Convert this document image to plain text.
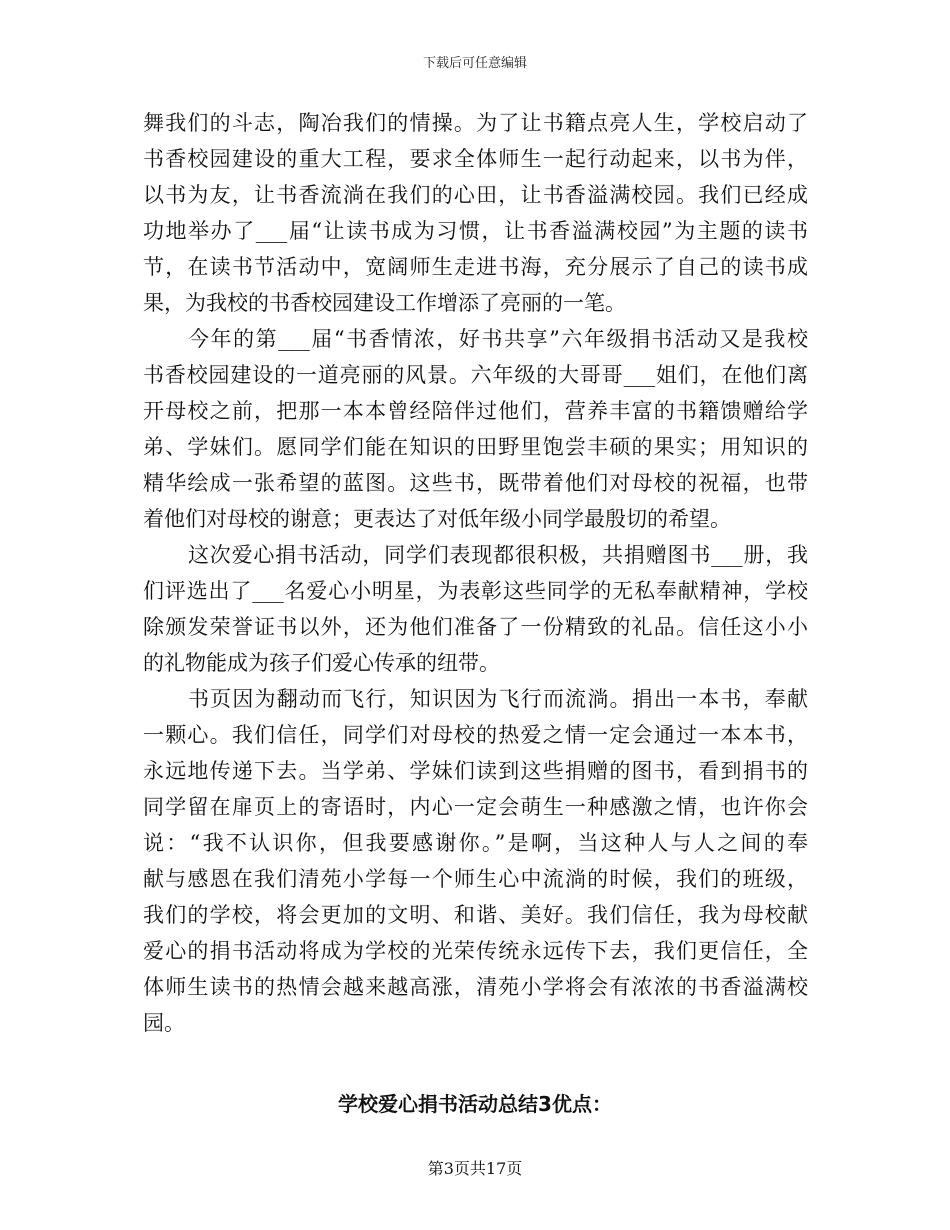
下载后可任意编辑
舞我们的斗志，陶冶我们的情操。为了让书籍点亮人生，学校启动了
书香校园建设的重大工程，要求全体师生一起行动起来，以书为伴，
以书为友，让书香流淌在我们的心田，让书香溢满校园。我们已经成
功地举办了___届“让读书成为习惯，让书香溢满校园”为主题的读书
节，在读书节活动中，宽阔师生走进书海，充分展示了自己的读书成
果，为我校的书香校园建设工作增添了亮丽的一笔。
今年的第___届“书香情浓，好书共享”六年级捐书活动又是我校
书香校园建设的一道亮丽的风景。六年级的大哥哥___姐们，在他们离
开母校之前，把那一本本曾经陪伴过他们，营养丰富的书籍馈赠给学
弟、学妹们。愿同学们能在知识的田野里饱尝丰硕的果实；用知识的
精华绘成一张希望的蓝图。这些书，既带着他们对母校的祝福，也带
着他们对母校的谢意；更表达了对低年级小同学最殷切的希望。
这次爱心捐书活动，同学们表现都很积极，共捐赠图书___册，我
们评选出了___名爱心小明星，为表彰这些同学的无私奉献精神，学校
除颁发荣誉证书以外，还为他们准备了一份精致的礼品。信任这小小
的礼物能成为孩子们爱心传承的纽带。
书页因为翻动而飞行，知识因为飞行而流淌。捐出一本书，奉献
一颗心。我们信任，同学们对母校的热爱之情一定会通过一本本书，
永远地传递下去。当学弟、学妹们读到这些捐赠的图书，看到捐书的
同学留在扉页上的寄语时，内心一定会萌生一种感激之情，也许你会
说：“我不认识你，但我要感谢你。”是啊，当这种人与人之间的奉
献与感恩在我们清苑小学每一个师生心中流淌的时候，我们的班级，
我们的学校，将会更加的文明、和谐、美好。我们信任，我为母校献
爱心的捐书活动将成为学校的光荣传统永远传下去，我们更信任，全
体师生读书的热情会越来越高涨，清苑小学将会有浓浓的书香溢满校
园。
学校爱心捐书活动总结3优点：
第3页共17页
